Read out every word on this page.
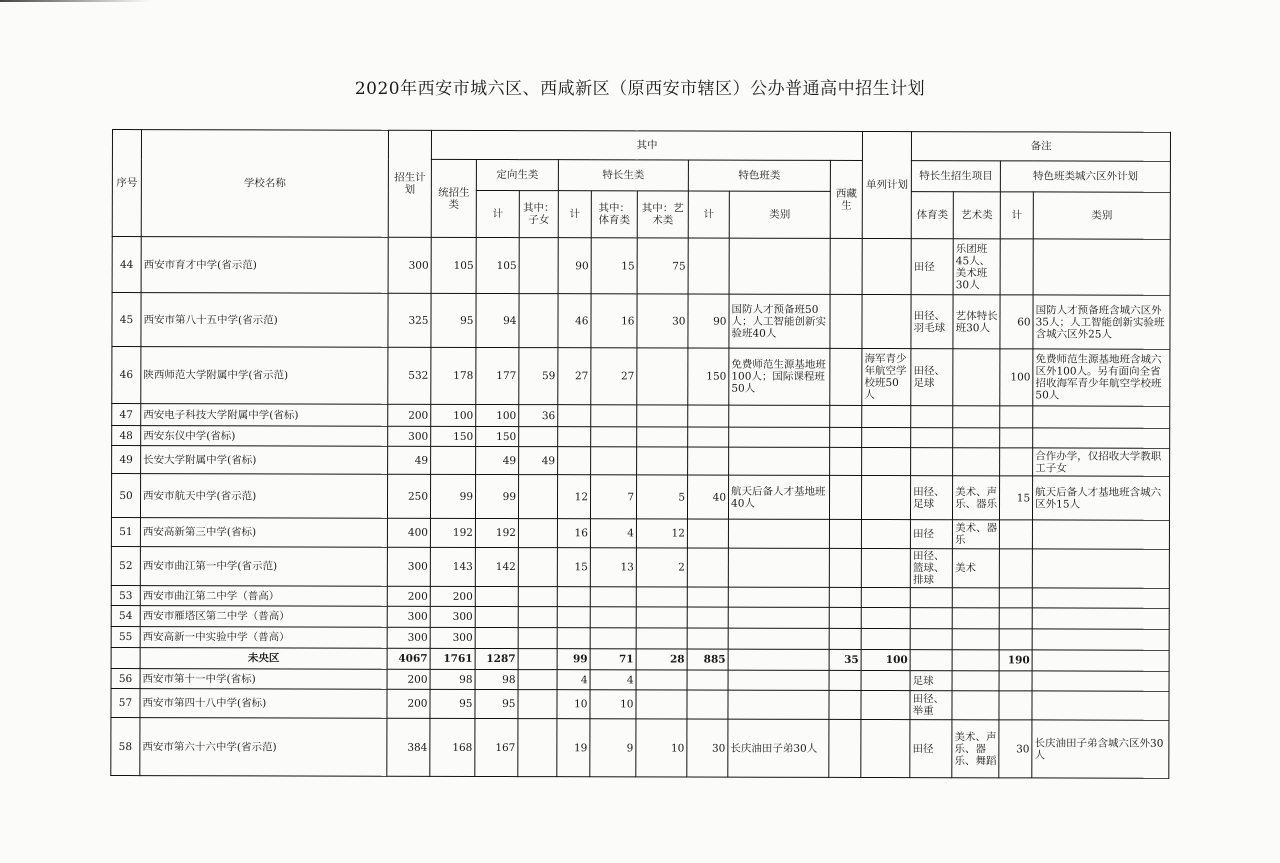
2020年西安市城六区、西咸新区（原西安市辖区）公办普通高中招生计划
序号	学校名称	招生计划	其中									单列计划	备注			
			统招生类	定向生类		特长生类			特色班类		西藏生		特长生招生项目		特色班类城六区外计划	
				计	其中：子女	计	其中：体育类	其中：艺术类	计	类别			体育类	艺术类	计	类别
44	西安市育才中学(省示范)	300	105	105		90	15	75					田径	乐团班45人、美术班30人		
45	西安市第八十五中学(省示范)	325	95	94		46	16	30	90	国防人才预备班50人；人工智能创新实验班40人			田径、羽毛球	艺体特长班30人	60	国防人才预备班含城六区外35人；人工智能创新实验班含城六区外25人
46	陕西师范大学附属中学(省示范)	532	178	177	59	27	27		150	免费师范生源基地班100人；国际课程班50人		海军青少年航空学校班50人	田径、足球		100	免费师范生源基地班含城六区外100人。另有面向全省招收海军青少年航空学校班50人
47	西安电子科技大学附属中学(省标)	200	100	100	36											
48	西安东仪中学(省标)	300	150	150												
49	长安大学附属中学(省标)	49		49	49											合作办学，仅招收大学教职工子女
50	西安市航天中学(省示范)	250	99	99		12	7	5	40	航天后备人才基地班40人			田径、足球	美术、声乐、器乐	15	航天后备人才基地班含城六区外15人
51	西安高新第三中学(省标)	400	192	192		16	4	12					田径	美术、器乐		
52	西安市曲江第一中学(省示范)	300	143	142		15	13	2					田径、篮球、排球	美术		
53	西安市曲江第二中学（普高）	200	200													
54	西安市雁塔区第二中学（普高）	300	300													
55	西安高新一中实验中学（普高）	300	300													
	未央区	4067	1761	1287		99	71	28	885		35	100			190	
56	西安市第十一中学(省标)	200	98	98		4	4						足球			
57	西安市第四十八中学(省标)	200	95	95		10	10						田径、举重			
58	西安市第六十六中学(省示范)	384	168	167		19	9	10	30	长庆油田子弟30人			田径	美术、声乐、器乐、舞蹈	30	长庆油田子弟含城六区外30人
